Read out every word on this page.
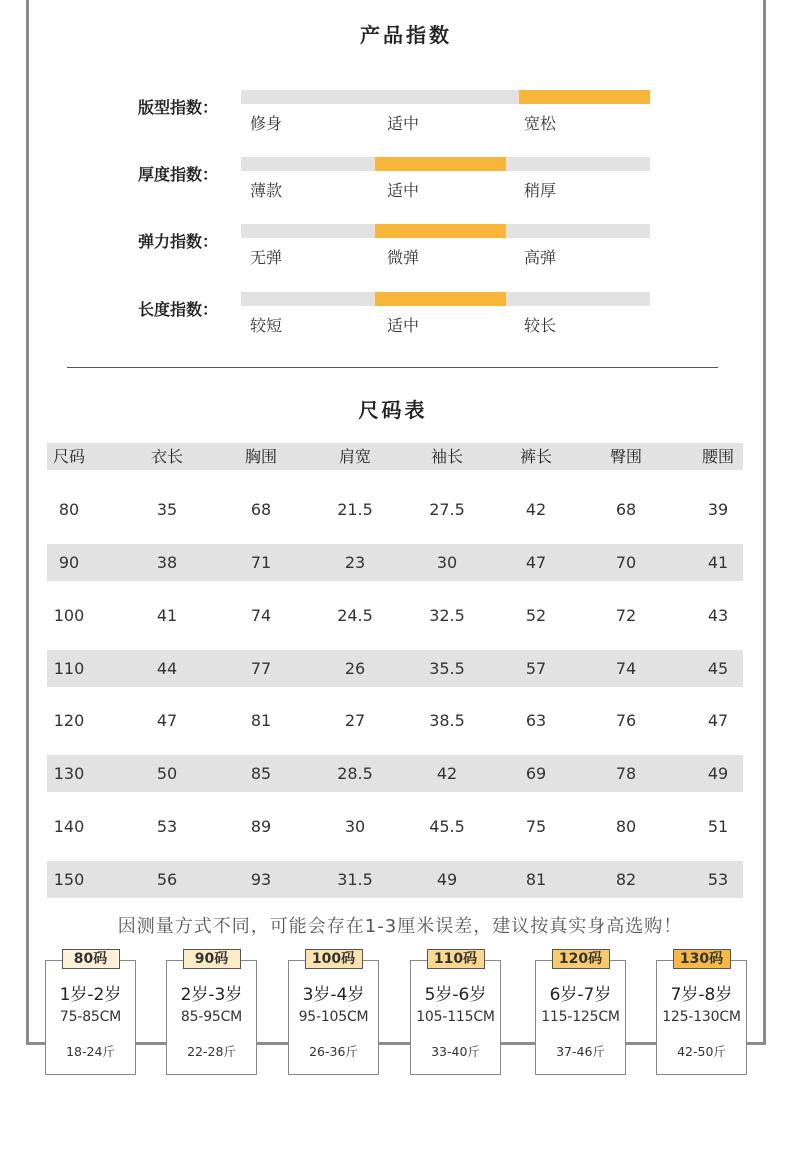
产品指数
版型指数：
修身	适中	宽松
厚度指数：
薄款	适中	稍厚
弹力指数：
无弹	微弹	高弹
长度指数：
较短	适中	较长
尺码表
尺码	衣长	胸围	肩宽	袖长	裤长	臀围	腰围
80	35	68	21.5	27.5	42	68	39
90	38	71	23	30	47	70	41
100	41	74	24.5	32.5	52	72	43
110	44	77	26	35.5	57	74	45
120	47	81	27	38.5	63	76	47
130	50	85	28.5	42	69	78	49
140	53	89	30	45.5	75	80	51
150	56	93	31.5	49	81	82	53
因测量方式不同，可能会存在1-3厘米误差，建议按真实身高选购！
80码
1岁-2岁
75-85CM
18-24斤
90码
2岁-3岁
85-95CM
22-28斤
100码
3岁-4岁
95-105CM
26-36斤
110码
5岁-6岁
105-115CM
33-40斤
120码
6岁-7岁
115-125CM
37-46斤
130码
7岁-8岁
125-130CM
42-50斤
